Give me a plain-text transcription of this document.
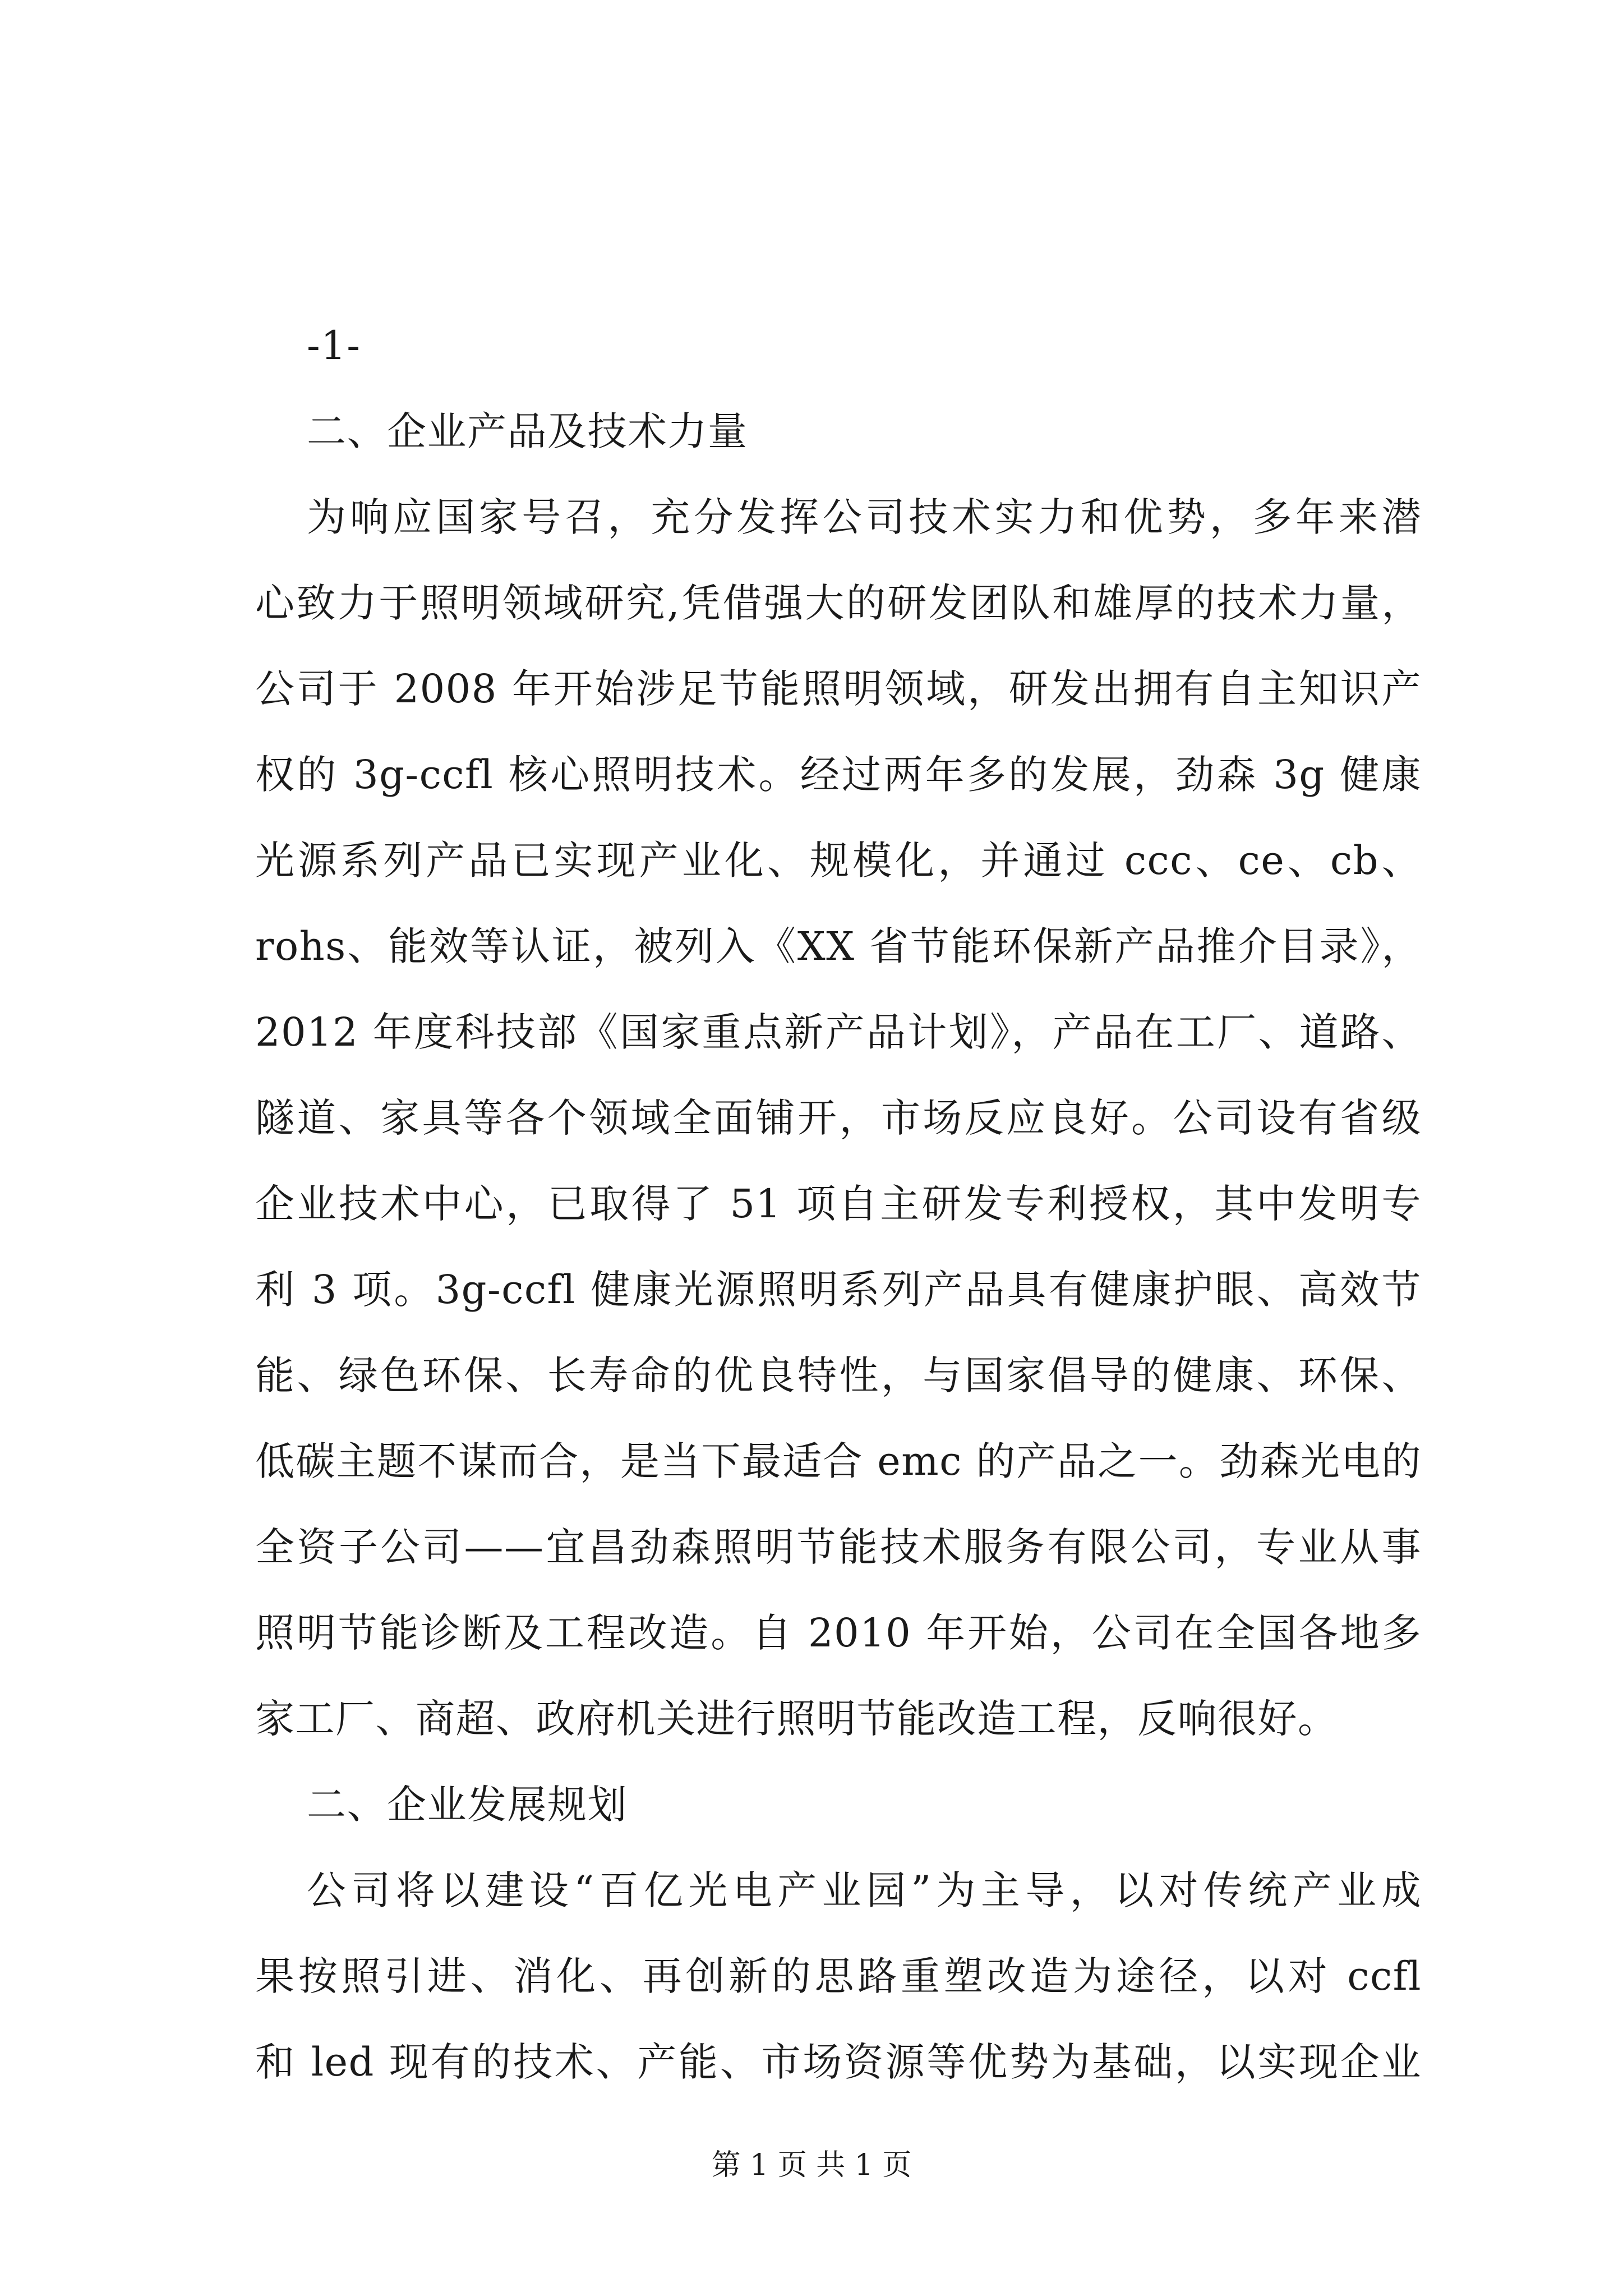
-1-
二、企业产品及技术力量
为响应国家号召，充分发挥公司技术实力和优势，多年来潜
心致力于照明领域研究,凭借强大的研发团队和雄厚的技术力量，
公司于 2008 年开始涉足节能照明领域，研发出拥有自主知识产
权的 3g-ccfl 核心照明技术。经过两年多的发展，劲森 3g 健康
光源系列产品已实现产业化、规模化，并通过 ccc、ce、cb、
rohs、能效等认证，被列入《XX 省节能环保新产品推介目录》，
2012 年度科技部《国家重点新产品计划》，产品在工厂、道路、
隧道、家具等各个领域全面铺开，市场反应良好。公司设有省级
企业技术中心，已取得了 51 项自主研发专利授权，其中发明专
利 3 项。3g-ccfl 健康光源照明系列产品具有健康护眼、高效节
能、绿色环保、长寿命的优良特性，与国家倡导的健康、环保、
低碳主题不谋而合，是当下最适合 emc 的产品之一。劲森光电的
全资子公司——宜昌劲森照明节能技术服务有限公司，专业从事
照明节能诊断及工程改造。自 2010 年开始，公司在全国各地多
家工厂、商超、政府机关进行照明节能改造工程，反响很好。
二、企业发展规划
公司将以建设“百亿光电产业园”为主导，以对传统产业成
果按照引进、消化、再创新的思路重塑改造为途径，以对 ccfl
和 led 现有的技术、产能、市场资源等优势为基础，以实现企业
第 1 页 共 1 页
